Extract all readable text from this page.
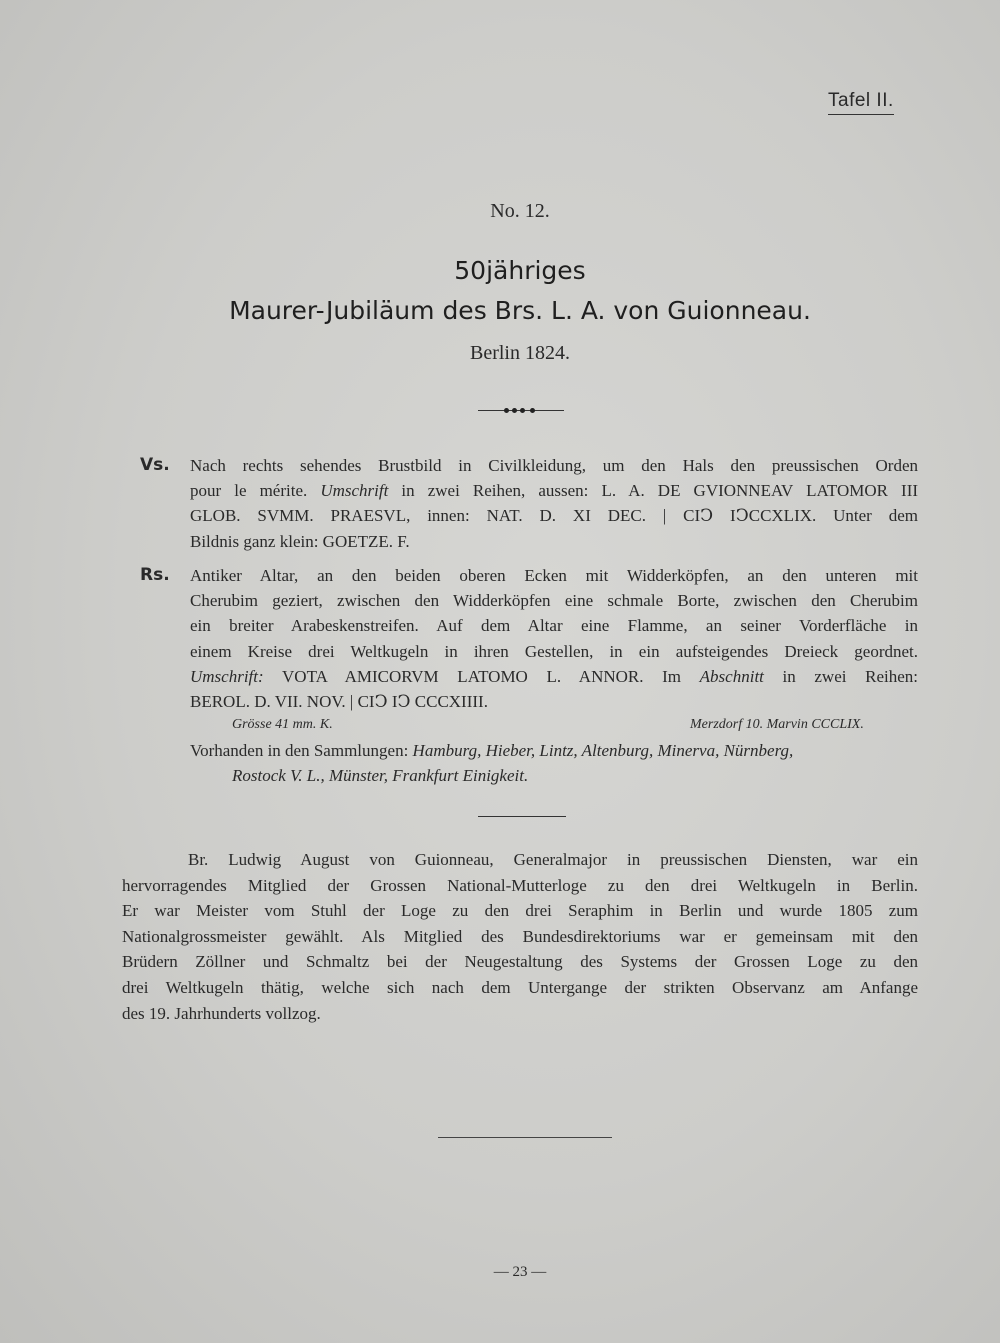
Tafel II.
No. 12.
50jähriges
Maurer-Jubiläum des Brs. L. A. von Guionneau.
Berlin 1824.
Vs. Nach rechts sehendes Brustbild in Civilkleidung, um den Hals den preussischen Orden
pour le mérite. Umschrift in zwei Reihen, aussen: L. A. DE GVIONNEAV LATOMOR III
GLOB. SVMM. PRAESVL, innen: NAT. D. XI DEC. | CIↃ IↃCCXLIX. Unter dem
Bildnis ganz klein: GOETZE. F.
Rs. Antiker Altar, an den beiden oberen Ecken mit Widderköpfen, an den unteren mit
Cherubim geziert, zwischen den Widderköpfen eine schmale Borte, zwischen den Cherubim
ein breiter Arabeskenstreifen. Auf dem Altar eine Flamme, an seiner Vorderfläche in
einem Kreise drei Weltkugeln in ihren Gestellen, in ein aufsteigendes Dreieck geordnet.
Umschrift: VOTA AMICORVM LATOMO L. ANNOR. Im Abschnitt in zwei Reihen:
BEROL. D. VII. NOV. | CIↃ IↃ CCCXIIII.
Grösse 41 mm. K.	Merzdorf 10. Marvin CCCLIX.
Vorhanden in den Sammlungen: Hamburg, Hieber, Lintz, Altenburg, Minerva, Nürnberg,
Rostock V. L., Münster, Frankfurt Einigkeit.
Br. Ludwig August von Guionneau, Generalmajor in preussischen Diensten, war ein
hervorragendes Mitglied der Grossen National-Mutterloge zu den drei Weltkugeln in Berlin.
Er war Meister vom Stuhl der Loge zu den drei Seraphim in Berlin und wurde 1805 zum
Nationalgrossmeister gewählt. Als Mitglied des Bundesdirektoriums war er gemeinsam mit den
Brüdern Zöllner und Schmaltz bei der Neugestaltung des Systems der Grossen Loge zu den
drei Weltkugeln thätig, welche sich nach dem Untergange der strikten Observanz am Anfange
des 19. Jahrhunderts vollzog.
— 23 —
